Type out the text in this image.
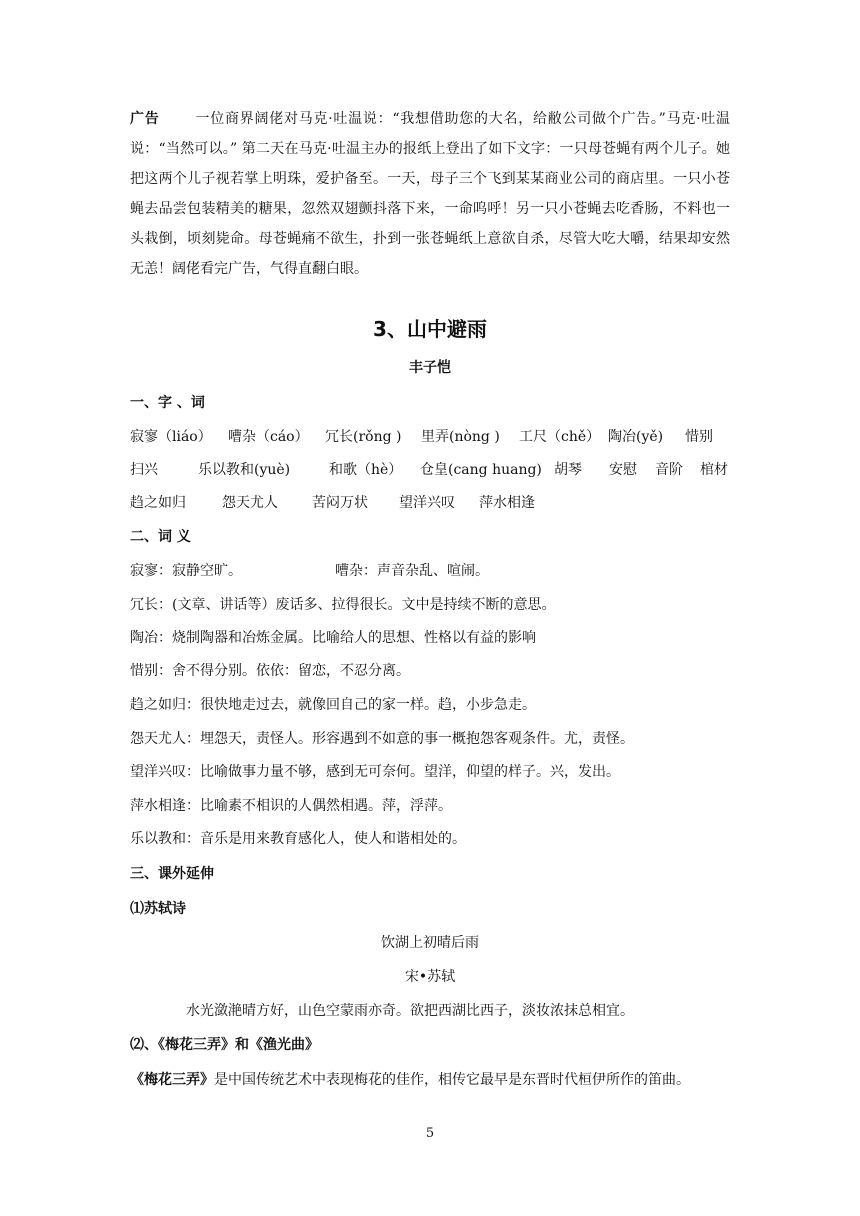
广告	一位商界阔佬对马克·吐温说：“我想借助您的大名，给敝公司做个广告。”马克·吐温说：“当然可以。” 第二天在马克·吐温主办的报纸上登出了如下文字：一只母苍蝇有两个儿子。她把这两个儿子视若掌上明珠，爱护备至。一天，母子三个飞到某某商业公司的商店里。一只小苍蝇去品尝包装精美的糖果，忽然双翅颤抖落下来，一命呜呼！另一只小苍蝇去吃香肠，不料也一头栽倒，顷刻毙命。母苍蝇痛不欲生，扑到一张苍蝇纸上意欲自杀，尽管大吃大嚼，结果却安然无恙！阔佬看完广告，气得直翻白眼。
3、山中避雨
丰子恺
一、字 、词
寂寥（liáo） 嘈杂（cáo） 冗长(rǒng ) 里弄(nòng ) 工尺（chě） 陶冶(yě) 惜别
扫兴	乐以教和(yuè)	和歌（hè） 仓皇(cang huang) 胡琴 安慰 音阶 棺材
趋之如归	怨天尤人 苦闷万状 望洋兴叹 萍水相逢
二、词 义
寂寥：寂静空旷。	嘈杂：声音杂乱、喧闹。
冗长：(文章、讲话等）废话多、拉得很长。文中是持续不断的意思。
陶冶：烧制陶器和冶炼金属。比喻给人的思想、性格以有益的影响
惜别：舍不得分别。依依：留恋，不忍分离。
趋之如归：很快地走过去，就像回自己的家一样。趋，小步急走。
怨天尤人：埋怨天，责怪人。形容遇到不如意的事一概抱怨客观条件。尤，责怪。
望洋兴叹：比喻做事力量不够，感到无可奈何。望洋，仰望的样子。兴，发出。
萍水相逢：比喻素不相识的人偶然相遇。萍，浮萍。
乐以教和：音乐是用来教育感化人，使人和谐相处的。
三、课外延伸
⑴苏轼诗
饮湖上初晴后雨
宋•苏轼
水光潋滟晴方好，山色空蒙雨亦奇。欲把西湖比西子，淡妆浓抹总相宜。
⑵、《梅花三弄》和《渔光曲》
《梅花三弄》是中国传统艺术中表现梅花的佳作，相传它最早是东晋时代桓伊所作的笛曲。
5
